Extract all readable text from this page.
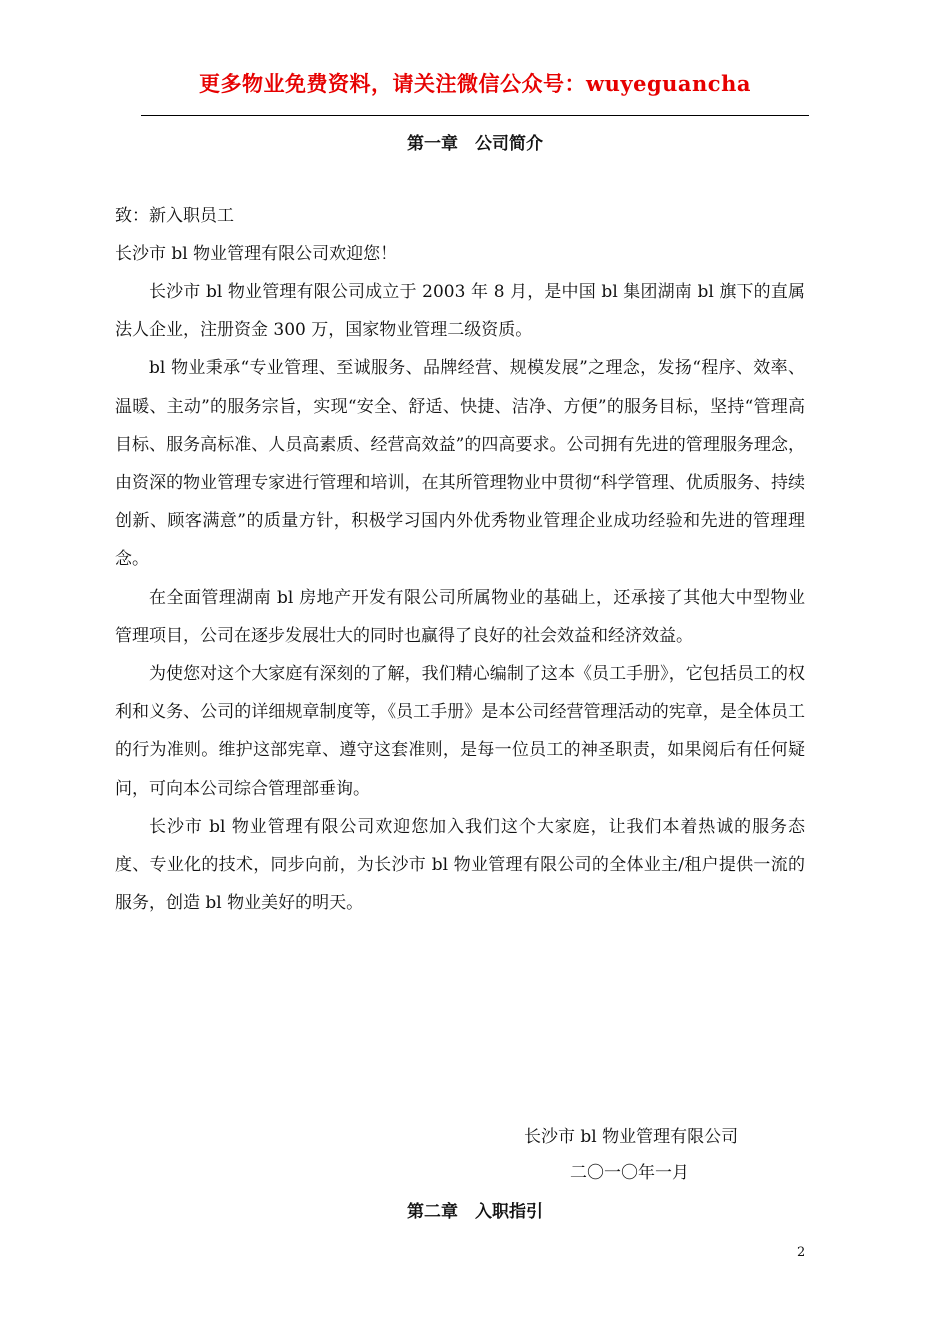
更多物业免费资料，请关注微信公众号：wuyeguancha
第一章　公司简介
致：新入职员工
长沙市 bl 物业管理有限公司欢迎您！

长沙市 bl 物业管理有限公司成立于 2003 年 8 月，是中国 bl 集团湖南 bl 旗下的直属法人企业，注册资金 300 万，国家物业管理二级资质。

bl 物业秉承“专业管理、至诚服务、品牌经营、规模发展”之理念，发扬“程序、效率、温暖、主动”的服务宗旨，实现“安全、舒适、快捷、洁净、方便”的服务目标，坚持“管理高目标、服务高标准、人员高素质、经营高效益”的四高要求。公司拥有先进的管理服务理念，由资深的物业管理专家进行管理和培训，在其所管理物业中贯彻“科学管理、优质服务、持续创新、顾客满意”的质量方针，积极学习国内外优秀物业管理企业成功经验和先进的管理理念。

在全面管理湖南 bl 房地产开发有限公司所属物业的基础上，还承接了其他大中型物业管理项目，公司在逐步发展壮大的同时也赢得了良好的社会效益和经济效益。

为使您对这个大家庭有深刻的了解，我们精心编制了这本《员工手册》，它包括员工的权利和义务、公司的详细规章制度等，《员工手册》是本公司经营管理活动的宪章，是全体员工的行为准则。维护这部宪章、遵守这套准则，是每一位员工的神圣职责，如果阅后有任何疑问，可向本公司综合管理部垂询。

长沙市 bl 物业管理有限公司欢迎您加入我们这个大家庭，让我们本着热诚的服务态度、专业化的技术，同步向前，为长沙市 bl 物业管理有限公司的全体业主/租户提供一流的服务，创造 bl 物业美好的明天。

长沙市 bl 物业管理有限公司
二〇一〇年一月
第二章　入职指引
2
